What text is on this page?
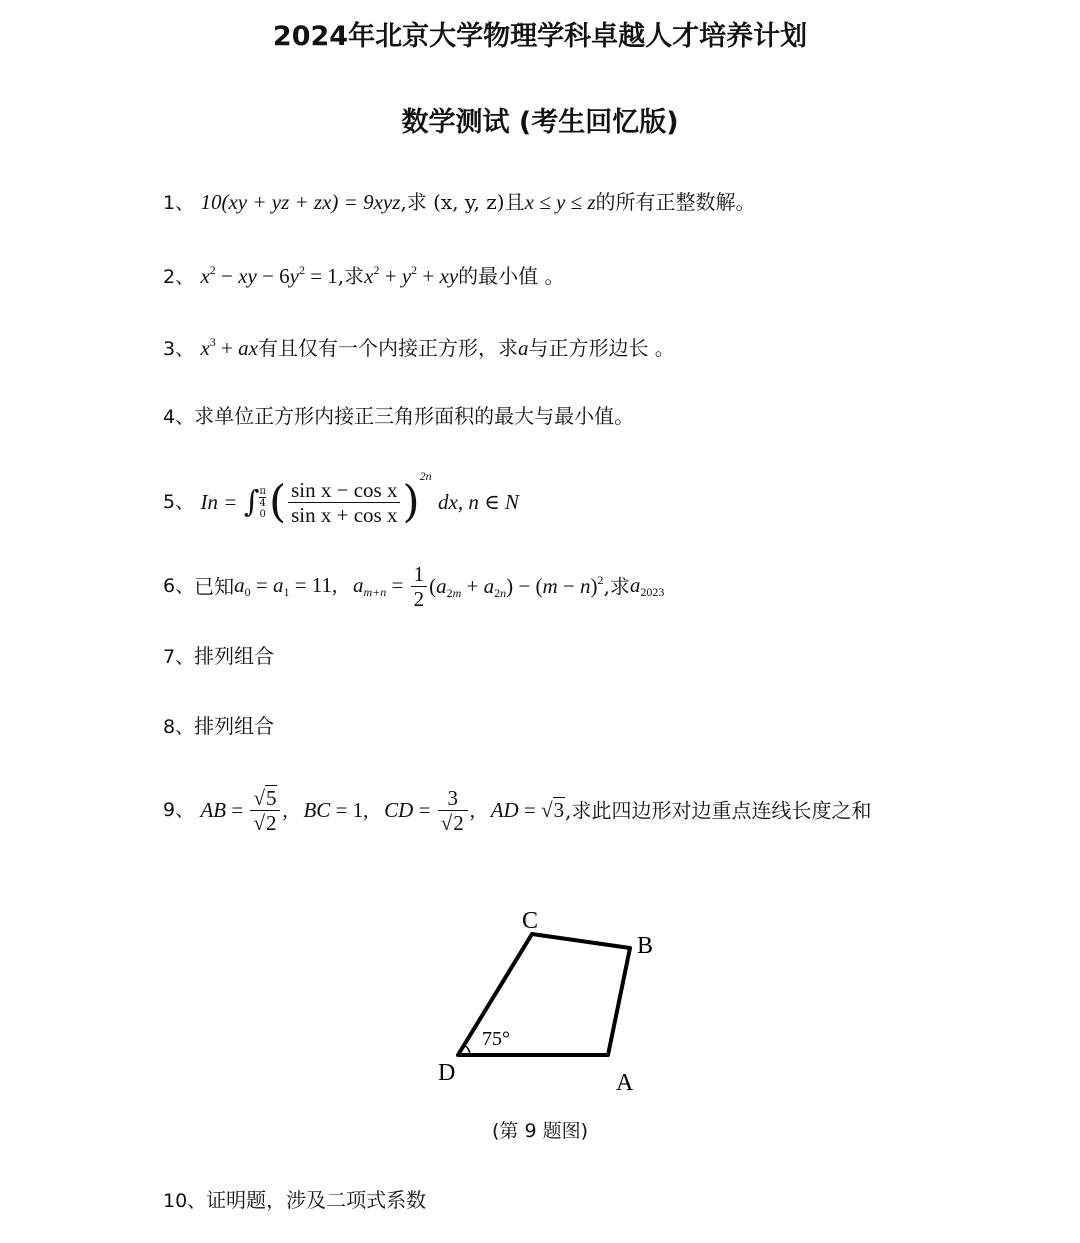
2024年北京大学物理学科卓越人才培养计划
数学测试 (考生回忆版)
1、 10(xy + yz + zx) = 9xyz,求 (x, y, z)且x ≤ y ≤ z的所有正整数解。
2、 $x^2$ − xy − $6y^2 = 1$,求$x^2 + y^2$ + xy的最小值 。
3、 $x^3$ + ax有且仅有一个内接正方形，求a与正方形边长 。
4、求单位正方形内接正三角形面积的最大与最小值。
5、 In = ∫ π
4
$0( \frac{\text{sin x − cos x}}{\text{sin x + cos x}} )^{2n}$ dx, n ∈ N
6、已知$a_0 = a_1 = 11$,   $a_{m+n} = \frac{1}{2} (a_{2m} + a_{2n}) - (m - n)^2$,求$a_{2023}$
7、排列组合
8、排列组合
9、 AB = $\frac{√5}{√2}$ ,   BC = 1,   CD = $\frac{3}{√2}$ ,   AD = √3,求此四边形对边重点连线长度之和
75°
C
B
D	A
(第 9 题图)
10、证明题，涉及二项式系数
